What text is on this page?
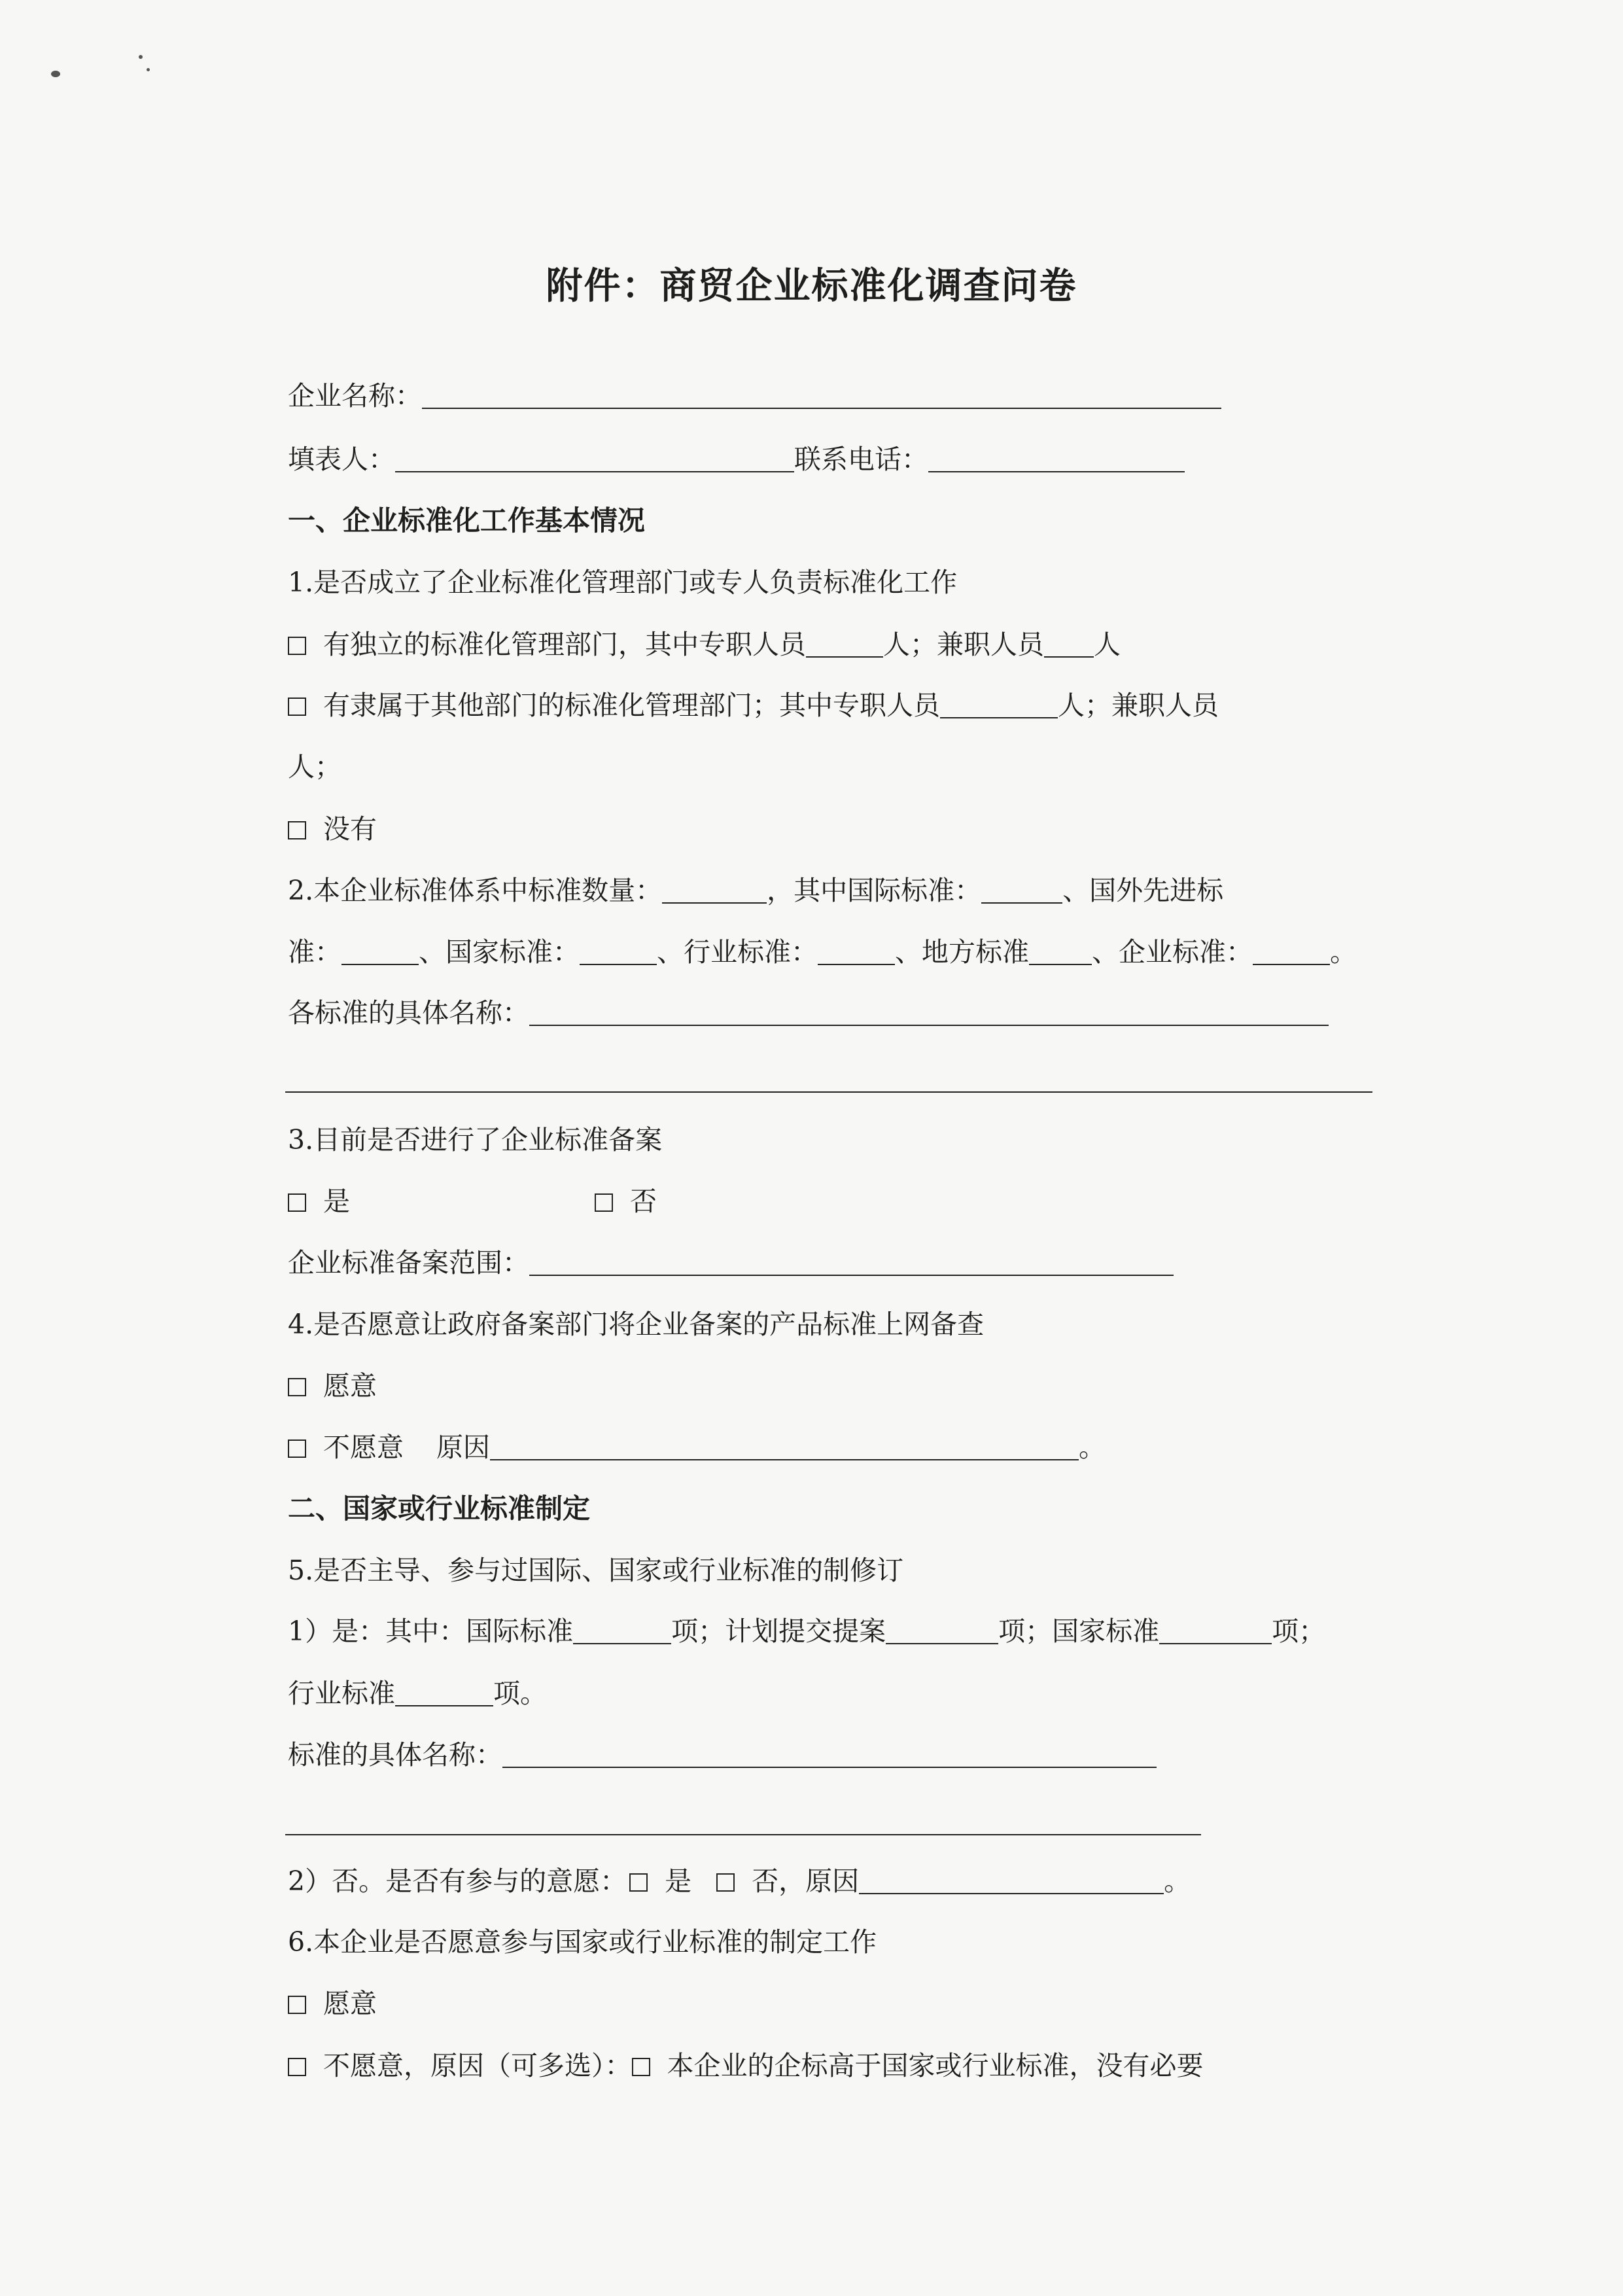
附件：商贸企业标准化调查问卷
企业名称：
填表人：	联系电话：
一、企业标准化工作基本情况
1.是否成立了企业标准化管理部门或专人负责标准化工作
有独立的标准化管理部门，其中专职人员	人；兼职人员 人
有隶属于其他部门的标准化管理部门；其中专职人员	人；兼职人员
人；
没有
2.本企业标准体系中标准数量：	，其中国际标准：	、国外先进标
准：	、国家标准：	、行业标准：	、地方标准 、企业标准：	。
各标准的具体名称：
3.目前是否进行了企业标准备案
是	否
企业标准备案范围：
4.是否愿意让政府备案部门将企业备案的产品标准上网备查
愿意
不愿意 原因	。
二、国家或行业标准制定
5.是否主导、参与过国际、国家或行业标准的制修订
1）是：其中：国际标准	项；计划提交提案	项；国家标准	项；
行业标准	项。
标准的具体名称：
2）否。是否有参与的意愿： 是 否，原因	。
6.本企业是否愿意参与国家或行业标准的制定工作
愿意
不愿意，原因（可多选）： 本企业的企标高于国家或行业标准，没有必要
